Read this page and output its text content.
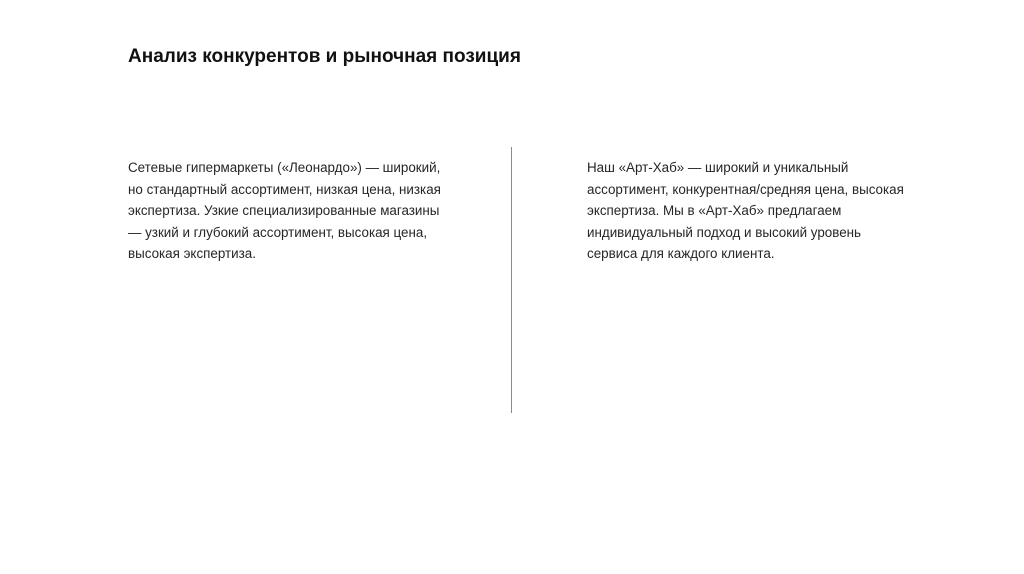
Анализ конкурентов и рыночная позиция
Сетевые гипермаркеты («Леонардо») — широкий,
но стандартный ассортимент, низкая цена, низкая
экспертиза. Узкие специализированные магазины
— узкий и глубокий ассортимент, высокая цена,
высокая экспертиза.
Наш «Арт-Хаб» — широкий и уникальный
ассортимент, конкурентная/средняя цена, высокая
экспертиза. Мы в «Арт-Хаб» предлагаем
индивидуальный подход и высокий уровень
сервиса для каждого клиента.
